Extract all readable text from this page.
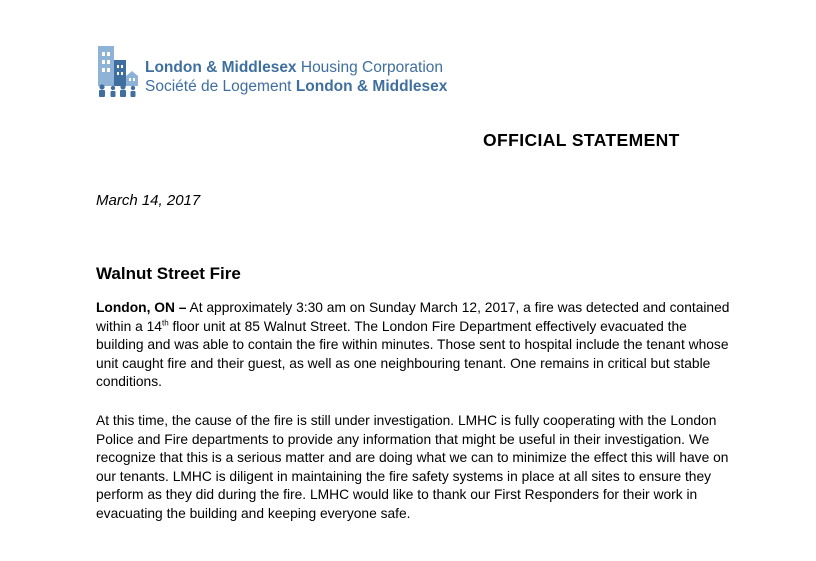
London & Middlesex Housing Corporation
Société de Logement London & Middlesex
OFFICIAL STATEMENT
March 14, 2017
Walnut Street Fire
London, ON – At approximately 3:30 am on Sunday March 12, 2017, a fire was detected and contained within a 14th floor unit at 85 Walnut Street. The London Fire Department effectively evacuated the building and was able to contain the fire within minutes. Those sent to hospital include the tenant whose unit caught fire and their guest, as well as one neighbouring tenant. One remains in critical but stable conditions.
At this time, the cause of the fire is still under investigation. LMHC is fully cooperating with the London Police and Fire departments to provide any information that might be useful in their investigation. We recognize that this is a serious matter and are doing what we can to minimize the effect this will have on our tenants. LMHC is diligent in maintaining the fire safety systems in place at all sites to ensure they perform as they did during the fire. LMHC would like to thank our First Responders for their work in evacuating the building and keeping everyone safe.
